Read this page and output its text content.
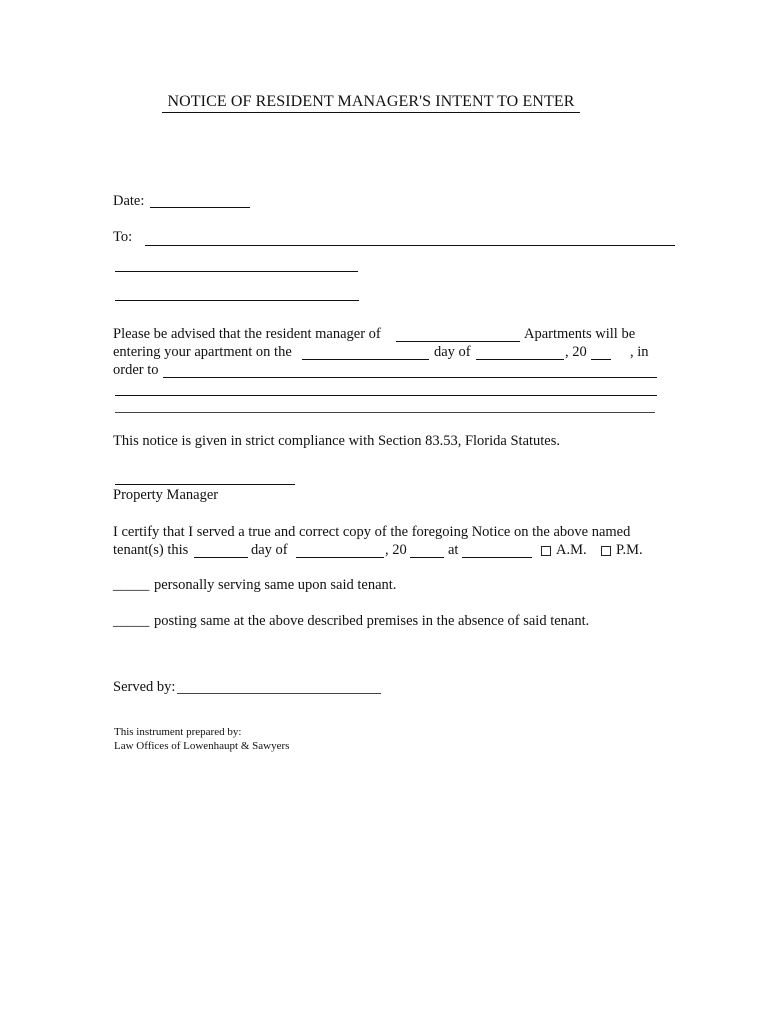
NOTICE OF RESIDENT MANAGER'S INTENT TO ENTER
Date:
To:
Please be advised that the resident manager of	Apartments will be
entering your apartment on the	day of	, 20	, in
order to
This notice is given in strict compliance with Section 83.53, Florida Statutes.
Property Manager
I certify that I served a true and correct copy of the foregoing Notice on the above named
tenant(s) this	day of	, 20	at	A.M. P.M.
_____ personally serving same upon said tenant.
_____ posting same at the above described premises in the absence of said tenant.
Served by:
This instrument prepared by:
Law Offices of Lowenhaupt & Sawyers
